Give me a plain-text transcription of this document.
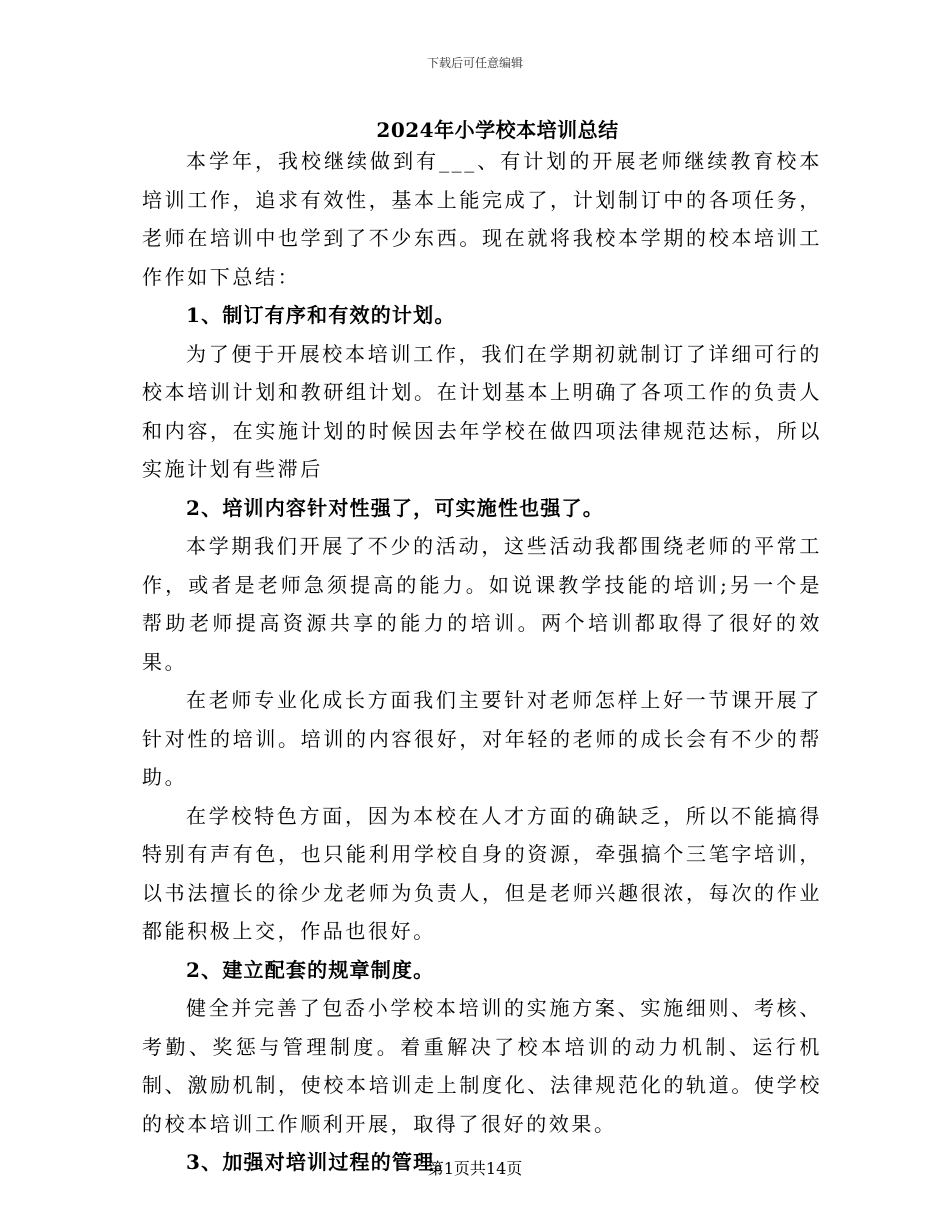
下载后可任意编辑
2024年小学校本培训总结

本学年，我校继续做到有___、有计划的开展老师继续教育校本培训工作，追求有效性，基本上能完成了，计划制订中的各项任务，老师在培训中也学到了不少东西。现在就将我校本学期的校本培训工作作如下总结：

1、制订有序和有效的计划。

为了便于开展校本培训工作，我们在学期初就制订了详细可行的校本培训计划和教研组计划。在计划基本上明确了各项工作的负责人和内容，在实施计划的时候因去年学校在做四项法律规范达标，所以实施计划有些滞后

2、培训内容针对性强了，可实施性也强了。

本学期我们开展了不少的活动，这些活动我都围绕老师的平常工作，或者是老师急须提高的能力。如说课教学技能的培训;另一个是帮助老师提高资源共享的能力的培训。两个培训都取得了很好的效果。

在老师专业化成长方面我们主要针对老师怎样上好一节课开展了针对性的培训。培训的内容很好，对年轻的老师的成长会有不少的帮助。

在学校特色方面，因为本校在人才方面的确缺乏，所以不能搞得特别有声有色，也只能利用学校自身的资源，牵强搞个三笔字培训，以书法擅长的徐少龙老师为负责人，但是老师兴趣很浓，每次的作业都能积极上交，作品也很好。

2、建立配套的规章制度。

健全并完善了包岙小学校本培训的实施方案、实施细则、考核、考勤、奖惩与管理制度。着重解决了校本培训的动力机制、运行机制、激励机制，使校本培训走上制度化、法律规范化的轨道。使学校的校本培训工作顺利开展，取得了很好的效果。

3、加强对培训过程的管理。

第1页共14页
